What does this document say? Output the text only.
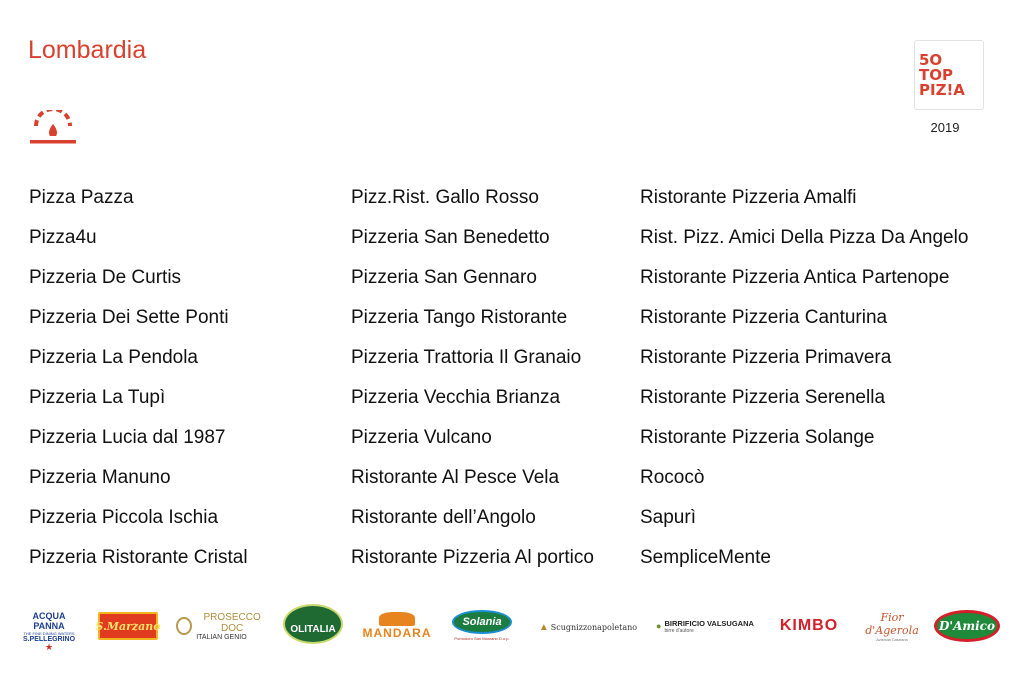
Lombardia	5O
TOP
PIZ!A
2019
Pizza Pazza
Pizza4u
Pizzeria De Curtis
Pizzeria Dei Sette Ponti
Pizzeria La Pendola
Pizzeria La Tupì
Pizzeria Lucia dal 1987
Pizzeria Manuno
Pizzeria Piccola Ischia
Pizzeria Ristorante Cristal
Pizz.Rist. Gallo Rosso
Pizzeria San Benedetto
Pizzeria San Gennaro
Pizzeria Tango Ristorante
Pizzeria Trattoria Il Granaio
Pizzeria Vecchia Brianza
Pizzeria Vulcano
Ristorante Al Pesce Vela
Ristorante dell’Angolo
Ristorante Pizzeria Al portico
Ristorante Pizzeria Amalfi
Rist. Pizz. Amici Della Pizza Da Angelo
Ristorante Pizzeria Antica Partenope
Ristorante Pizzeria Canturina
Ristorante Pizzeria Primavera
Ristorante Pizzeria Serenella
Ristorante Pizzeria Solange
Rococò
Sapurì
SempliceMente
ACQUA PANNA
THE FINE DINING WATERS
S.PELLEGRINO
★
S.Marzano
PROSECCO DOC
ITALIAN GENIO
OLITALIA MANDARA
Solania
Pomodoro San Marzano D.o.p.
▲ Scugnizzonapoletano ● BIRRIFICIO VALSUGANA
birre d'autore	KIMBO	Fior d'Agerola
Azienda Casearia
D'Amico
